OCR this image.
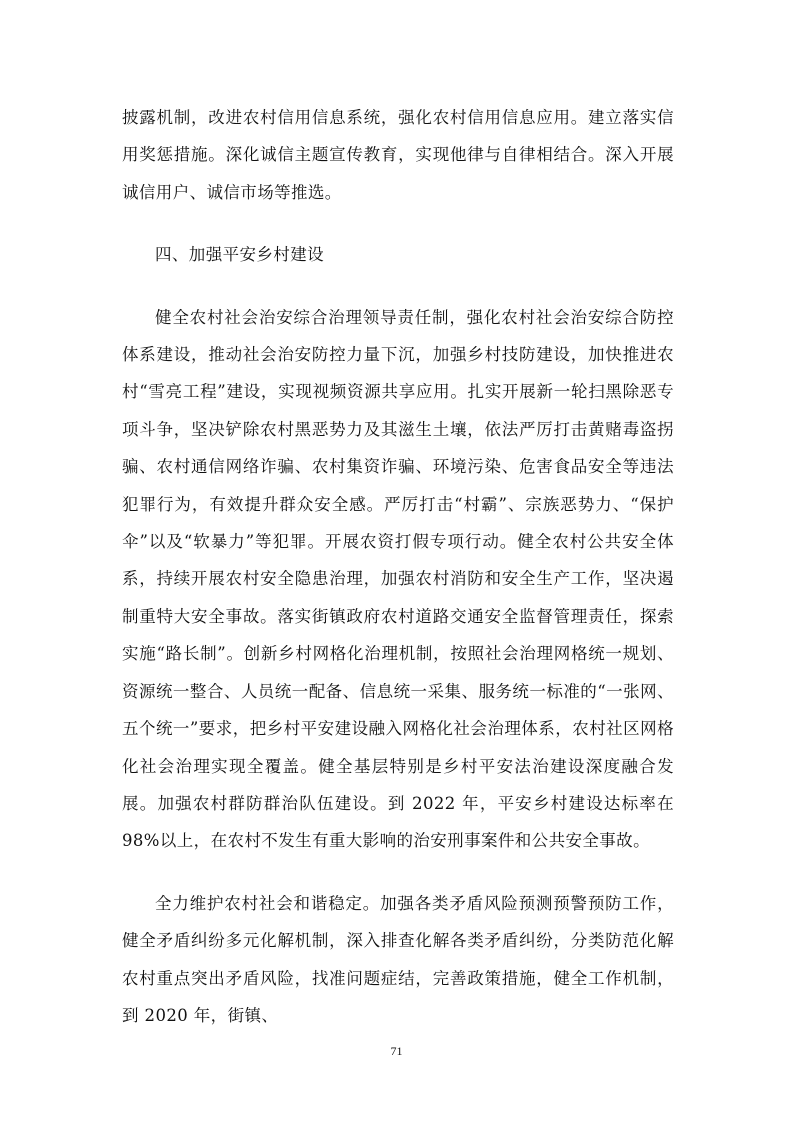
披露机制，改进农村信用信息系统，强化农村信用信息应用。建立落实信用奖惩措施。深化诚信主题宣传教育，实现他律与自律相结合。深入开展诚信用户、诚信市场等推选。

四、加强平安乡村建设

健全农村社会治安综合治理领导责任制，强化农村社会治安综合防控体系建设，推动社会治安防控力量下沉，加强乡村技防建设，加快推进农村“雪亮工程”建设，实现视频资源共享应用。扎实开展新一轮扫黑除恶专项斗争，坚决铲除农村黑恶势力及其滋生土壤，依法严厉打击黄赌毒盗拐骗、农村通信网络诈骗、农村集资诈骗、环境污染、危害食品安全等违法犯罪行为，有效提升群众安全感。严厉打击“村霸”、宗族恶势力、“保护伞”以及“软暴力”等犯罪。开展农资打假专项行动。健全农村公共安全体系，持续开展农村安全隐患治理，加强农村消防和安全生产工作，坚决遏制重特大安全事故。落实街镇政府农村道路交通安全监督管理责任，探索实施“路长制”。创新乡村网格化治理机制，按照社会治理网格统一规划、资源统一整合、人员统一配备、信息统一采集、服务统一标准的“一张网、五个统一”要求，把乡村平安建设融入网格化社会治理体系，农村社区网格化社会治理实现全覆盖。健全基层特别是乡村平安法治建设深度融合发展。加强农村群防群治队伍建设。到 2022 年，平安乡村建设达标率在 98%以上，在农村不发生有重大影响的治安刑事案件和公共安全事故。

全力维护农村社会和谐稳定。加强各类矛盾风险预测预警预防工作，健全矛盾纠纷多元化解机制，深入排查化解各类矛盾纠纷，分类防范化解农村重点突出矛盾风险，找准问题症结，完善政策措施，健全工作机制，到 2020 年，街镇、

71
